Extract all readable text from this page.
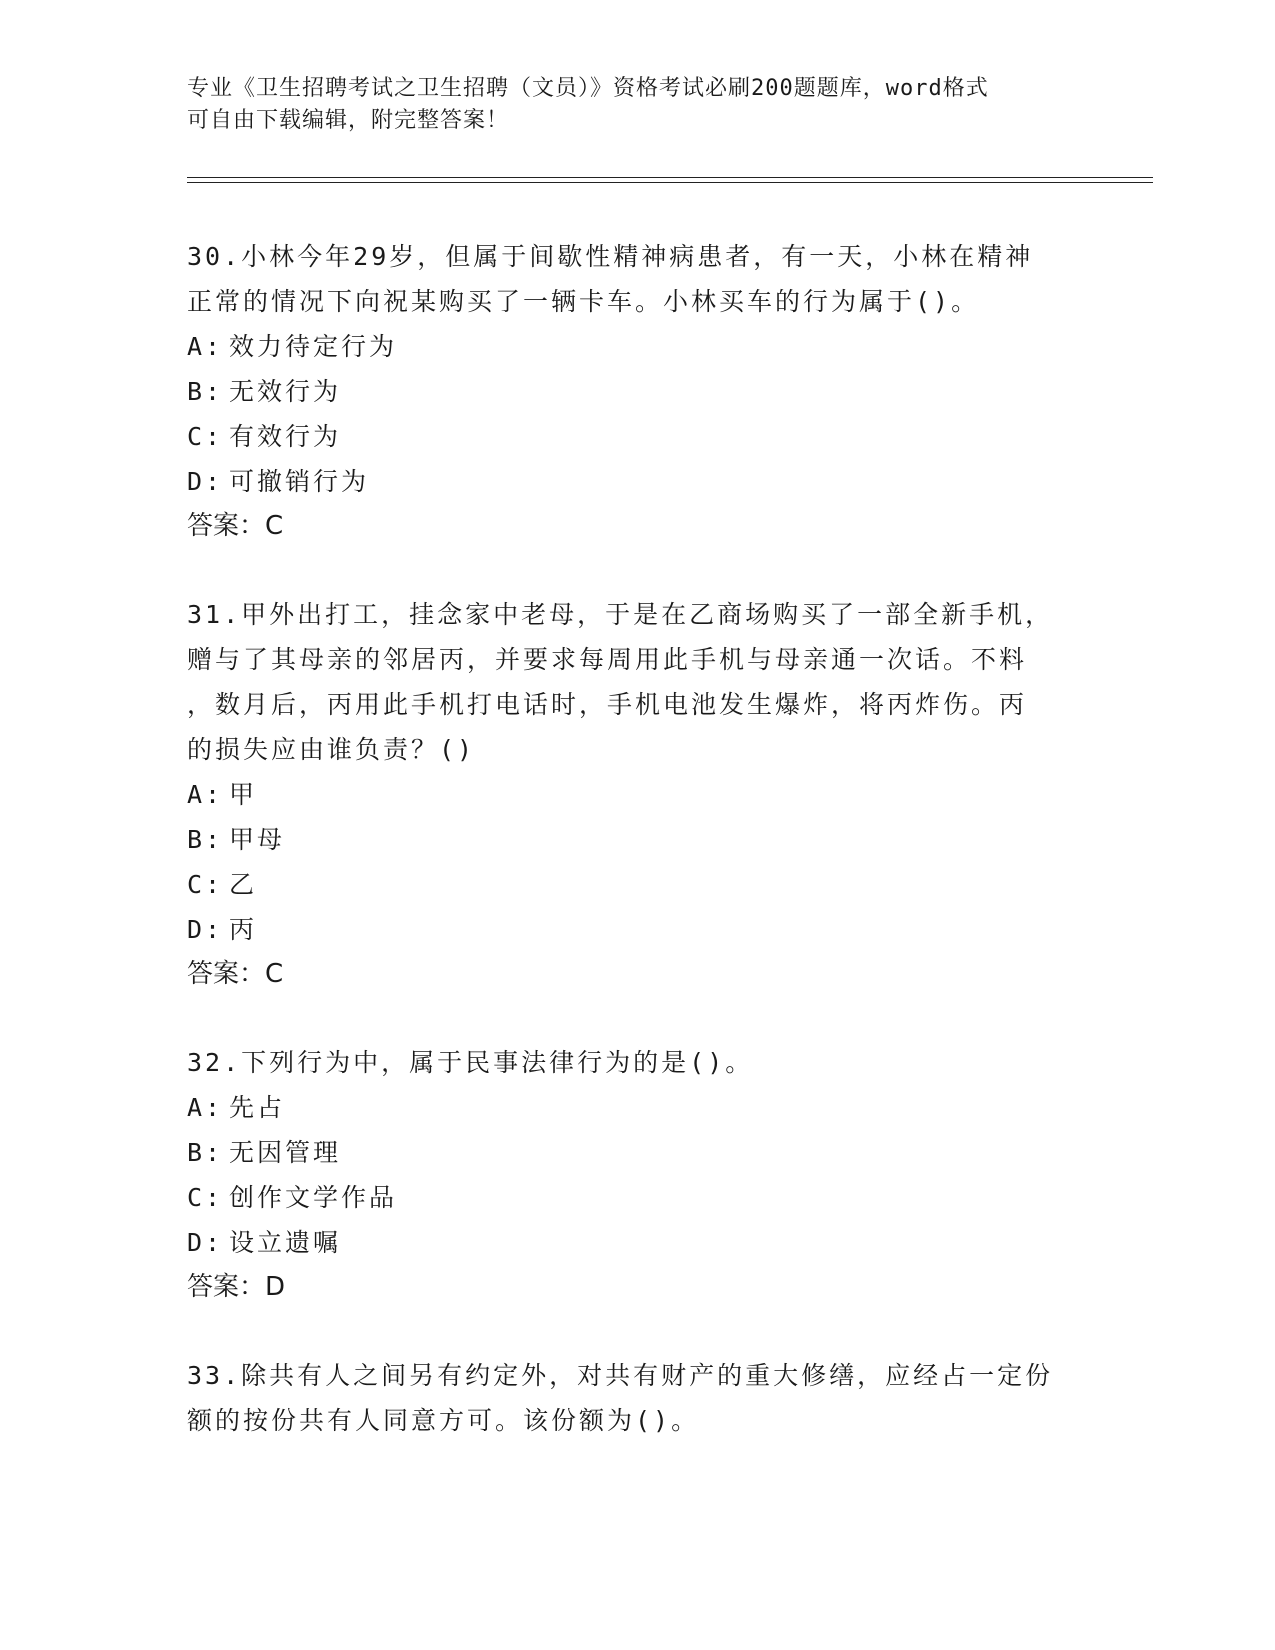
专业《卫生招聘考试之卫生招聘（文员）》资格考试必刷200题题库，word格式
可自由下载编辑，附完整答案！

30.小林今年29岁，但属于间歇性精神病患者，有一天，小林在精神

正常的情况下向祝某购买了一辆卡车。小林买车的行为属于()。

A: 效力待定行为
B: 无效行为
C: 有效行为
D: 可撤销行为

答案：C

31.甲外出打工，挂念家中老母，于是在乙商场购买了一部全新手机，

赠与了其母亲的邻居丙，并要求每周用此手机与母亲通一次话。不料

，数月后，丙用此手机打电话时，手机电池发生爆炸，将丙炸伤。丙

的损失应由谁负责？()

A: 甲
B: 甲母
C: 乙
D: 丙

答案：C

32.下列行为中，属于民事法律行为的是()。

A: 先占
B: 无因管理
C: 创作文学作品
D: 设立遗嘱

答案：D

33.除共有人之间另有约定外，对共有财产的重大修缮，应经占一定份

额的按份共有人同意方可。该份额为()。
